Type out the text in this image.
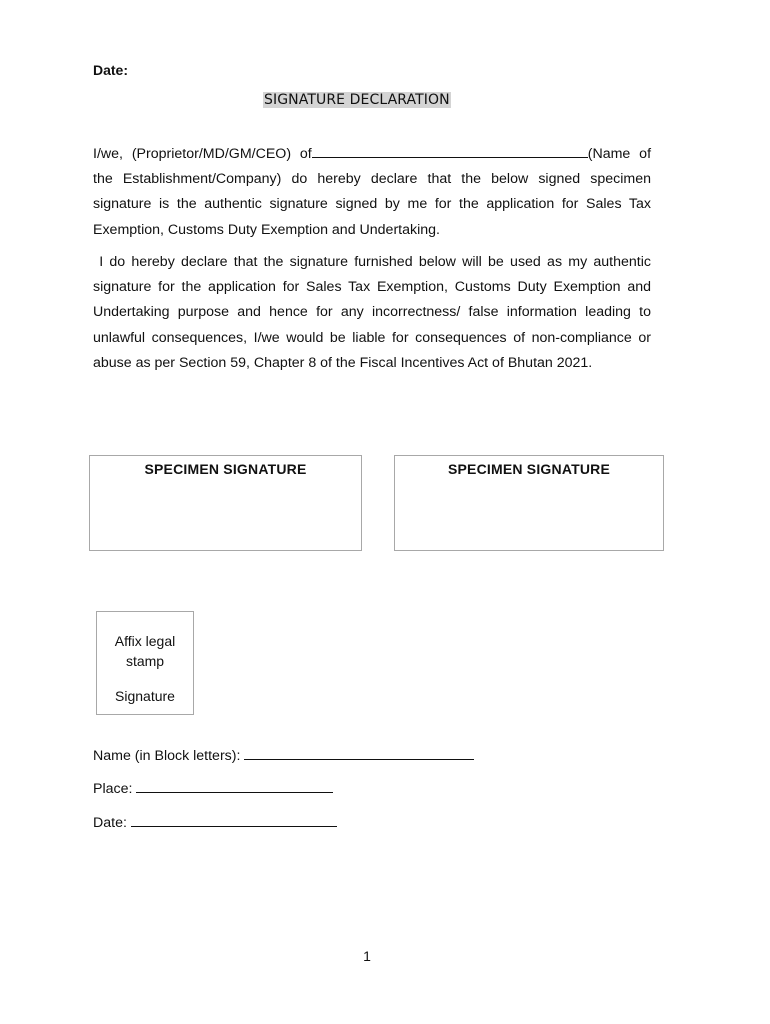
Date:
SIGNATURE DECLARATION

I/we, (Proprietor/MD/GM/CEO) of	(Name of the Establishment/Company) do hereby declare that the below signed specimen signature is the authentic signature signed by me for the application for Sales Tax Exemption, Customs Duty Exemption and Undertaking.

I do hereby declare that the signature furnished below will be used as my authentic signature for the application for Sales Tax Exemption, Customs Duty Exemption and Undertaking purpose and hence for any incorrectness/ false information leading to unlawful consequences, I/we would be liable for consequences of non-compliance or abuse as per Section 59, Chapter 8 of the Fiscal Incentives Act of Bhutan 2021.

SPECIMEN SIGNATURE	SPECIMEN SIGNATURE
Affix legal
stamp
Signature
Name (in Block letters):
Place:
Date:
1
